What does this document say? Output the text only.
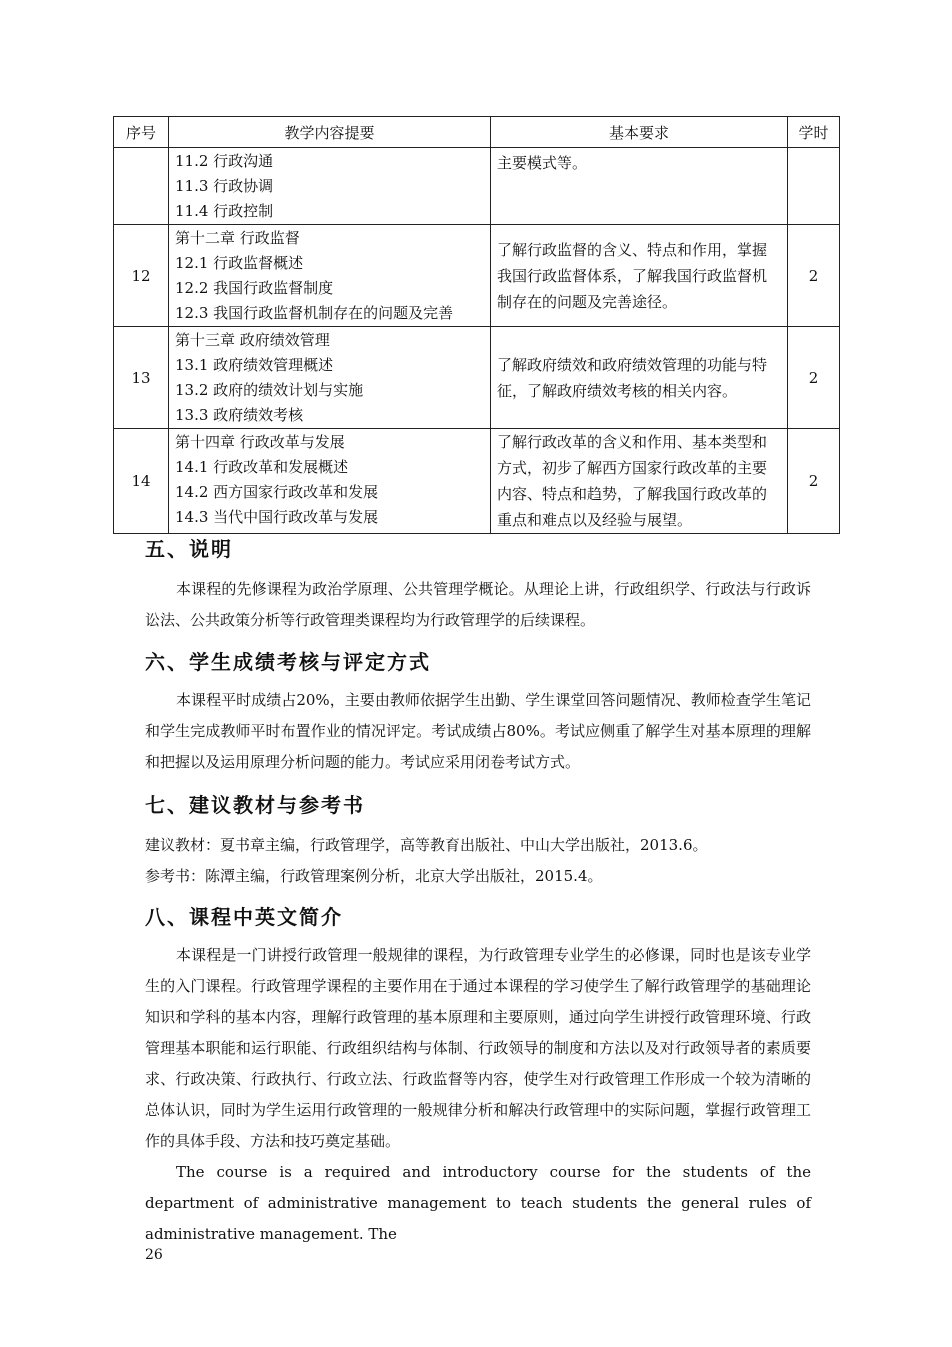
序号	教学内容提要	基本要求	学时

	11.2 行政沟通
11.3 行政协调
11.4 行政控制	主要模式等。	
12	第十二章 行政监督
12.1 行政监督概述
12.2 我国行政监督制度
12.3 我国行政监督机制存在的问题及完善	了解行政监督的含义、特点和作用，掌握我国行政监督体系，了解我国行政监督机制存在的问题及完善途径。	2
13	第十三章 政府绩效管理
13.1 政府绩效管理概述
13.2 政府的绩效计划与实施
13.3 政府绩效考核	了解政府绩效和政府绩效管理的功能与特征，了解政府绩效考核的相关内容。	2
14	第十四章 行政改革与发展
14.1 行政改革和发展概述
14.2 西方国家行政改革和发展
14.3 当代中国行政改革与发展	了解行政改革的含义和作用、基本类型和方式，初步了解西方国家行政改革的主要内容、特点和趋势，了解我国行政改革的重点和难点以及经验与展望。	2
五、说明

本课程的先修课程为政治学原理、公共管理学概论。从理论上讲，行政组织学、行政法与行政诉讼法、公共政策分析等行政管理类课程均为行政管理学的后续课程。

六、学生成绩考核与评定方式

本课程平时成绩占20%，主要由教师依据学生出勤、学生课堂回答问题情况、教师检查学生笔记和学生完成教师平时布置作业的情况评定。考试成绩占80%。考试应侧重了解学生对基本原理的理解和把握以及运用原理分析问题的能力。考试应采用闭卷考试方式。

七、建议教材与参考书

建议教材：夏书章主编，行政管理学，高等教育出版社、中山大学出版社，2013.6。

参考书：陈潭主编，行政管理案例分析，北京大学出版社，2015.4。

八、课程中英文简介

本课程是一门讲授行政管理一般规律的课程，为行政管理专业学生的必修课，同时也是该专业学生的入门课程。行政管理学课程的主要作用在于通过本课程的学习使学生了解行政管理学的基础理论知识和学科的基本内容，理解行政管理的基本原理和主要原则，通过向学生讲授行政管理环境、行政管理基本职能和运行职能、行政组织结构与体制、行政领导的制度和方法以及对行政领导者的素质要求、行政决策、行政执行、行政立法、行政监督等内容，使学生对行政管理工作形成一个较为清晰的总体认识，同时为学生运用行政管理的一般规律分析和解决行政管理中的实际问题，掌握行政管理工作的具体手段、方法和技巧奠定基础。

The course is a required and introductory course for the students of the department of administrative management to teach students the general rules of administrative management. The

26
